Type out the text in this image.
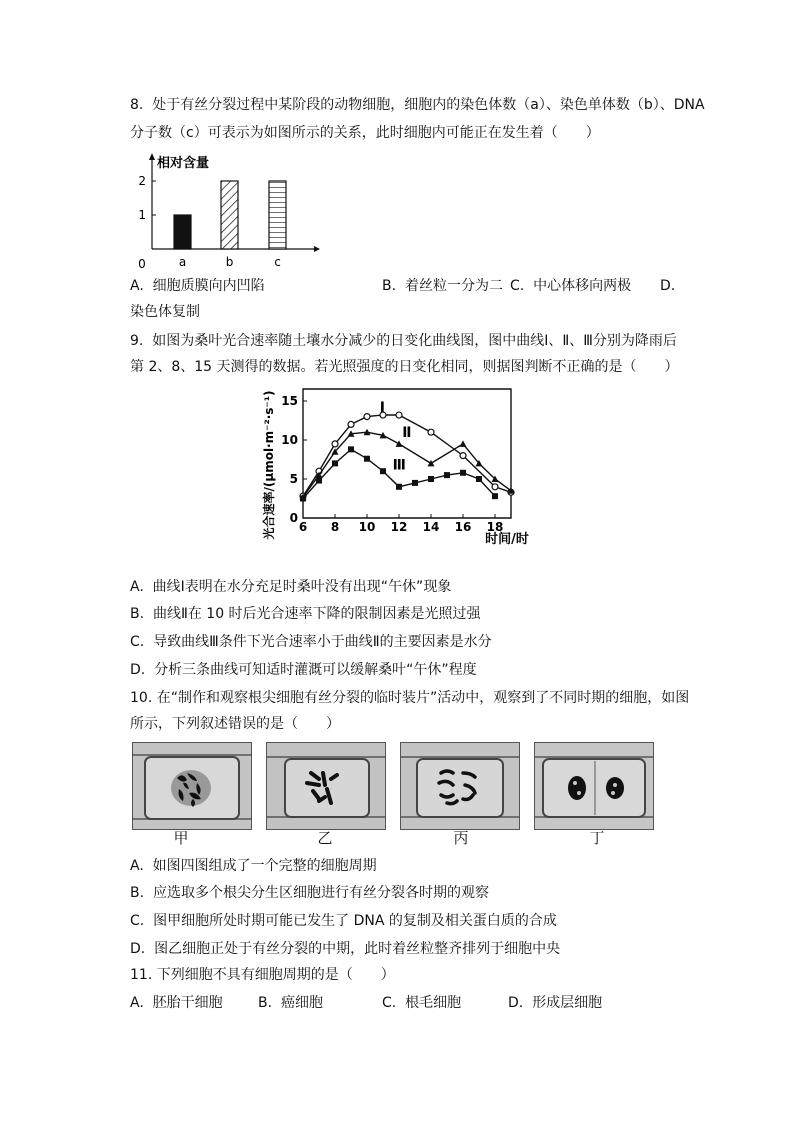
8.  处于有丝分裂过程中某阶段的动物细胞，细胞内的染色体数（a）、染色单体数（b）、DNA
分子数（c）可表示为如图所示的关系，此时细胞内可能正在发生着（　　）
相对含量
0
1
2
a	b	c
A.  细胞质膜向内凹陷	B.  着丝粒一分为二 C.  中心体移向两极 D.
染色体复制
9.  如图为桑叶光合速率随土壤水分减少的日变化曲线图，图中曲线Ⅰ、Ⅱ、Ⅲ分别为降雨后
第 2、8、15 天测得的数据。若光照强度的日变化相同，则据图判断不正确的是（　　）
光合速率/(μmol·m⁻²·s⁻¹) 0
5
10
15
6 8 10 12 14 16 18
Ⅰ
Ⅱ
Ⅲ
时间/时
A.  曲线Ⅰ表明在水分充足时桑叶没有出现“午休”现象
B.  曲线Ⅱ在 10 时后光合速率下降的限制因素是光照过强
C.  导致曲线Ⅲ条件下光合速率小于曲线Ⅱ的主要因素是水分
D.  分析三条曲线可知适时灌溉可以缓解桑叶“午休”程度
10. 在“制作和观察根尖细胞有丝分裂的临时装片”活动中，观察到了不同时期的细胞，如图
所示，下列叙述错误的是（　　）
甲	乙	丙	丁
A.  如图四图组成了一个完整的细胞周期
B.  应选取多个根尖分生区细胞进行有丝分裂各时期的观察
C.  图甲细胞所处时期可能已发生了 DNA 的复制及相关蛋白质的合成
D.  图乙细胞正处于有丝分裂的中期，此时着丝粒整齐排列于细胞中央
11. 下列细胞不具有细胞周期的是（　　）
A.  胚胎干细胞	B.  癌细胞	C.  根毛细胞	D.  形成层细胞
